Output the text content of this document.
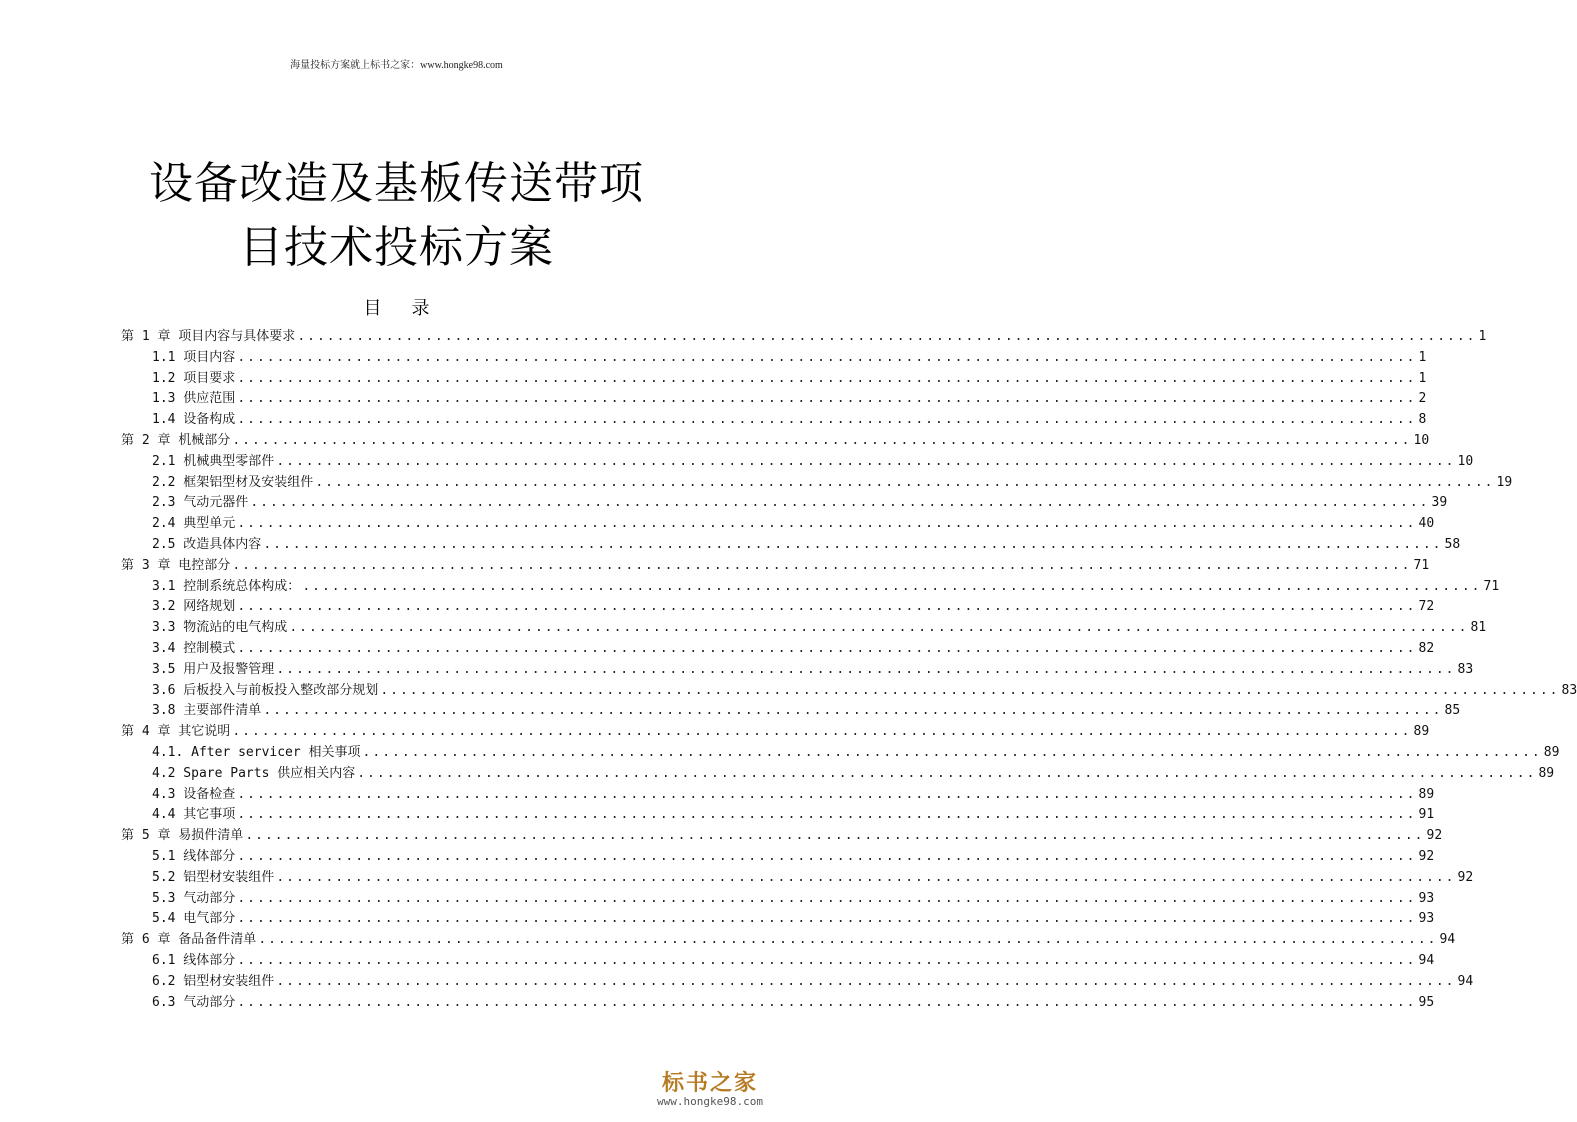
海量投标方案就上标书之家：www.hongke98.com
设备改造及基板传送带项
目技术投标方案
目录
第 1 章 项目内容与具体要求 ........................................................................................................................ 1
1.1 项目内容 ........................................................................................................................ 1
1.2 项目要求 ........................................................................................................................ 1
1.3 供应范围 ........................................................................................................................ 2
1.4 设备构成 ........................................................................................................................ 8
第 2 章 机械部分 ........................................................................................................................ 10
2.1 机械典型零部件 ........................................................................................................................ 10
2.2 框架铝型材及安装组件 ........................................................................................................................ 19
2.3 气动元器件 ........................................................................................................................ 39
2.4 典型单元 ........................................................................................................................ 40
2.5 改造具体内容 ........................................................................................................................ 58
第 3 章 电控部分 ........................................................................................................................ 71
3.1 控制系统总体构成： ........................................................................................................................ 71
3.2 网络规划 ........................................................................................................................ 72
3.3 物流站的电气构成 ........................................................................................................................ 81
3.4 控制模式 ........................................................................................................................ 82
3.5 用户及报警管理 ........................................................................................................................ 83
3.6 后板投入与前板投入整改部分规划 ........................................................................................................................ 83
3.8 主要部件清单 ........................................................................................................................ 85
第 4 章 其它说明 ........................................................................................................................ 89
4.1. After servicer 相关事项 ........................................................................................................................ 89
4.2 Spare Parts 供应相关内容 ........................................................................................................................ 89
4.3 设备检查 ........................................................................................................................ 89
4.4 其它事项 ........................................................................................................................ 91
第 5 章 易损件清单 ........................................................................................................................ 92
5.1 线体部分 ........................................................................................................................ 92
5.2 铝型材安装组件 ........................................................................................................................ 92
5.3 气动部分 ........................................................................................................................ 93
5.4 电气部分 ........................................................................................................................ 93
第 6 章 备品备件清单 ........................................................................................................................ 94
6.1 线体部分 ........................................................................................................................ 94
6.2 铝型材安装组件 ........................................................................................................................ 94
6.3 气动部分 ........................................................................................................................ 95
标书之家
www.hongke98.com
